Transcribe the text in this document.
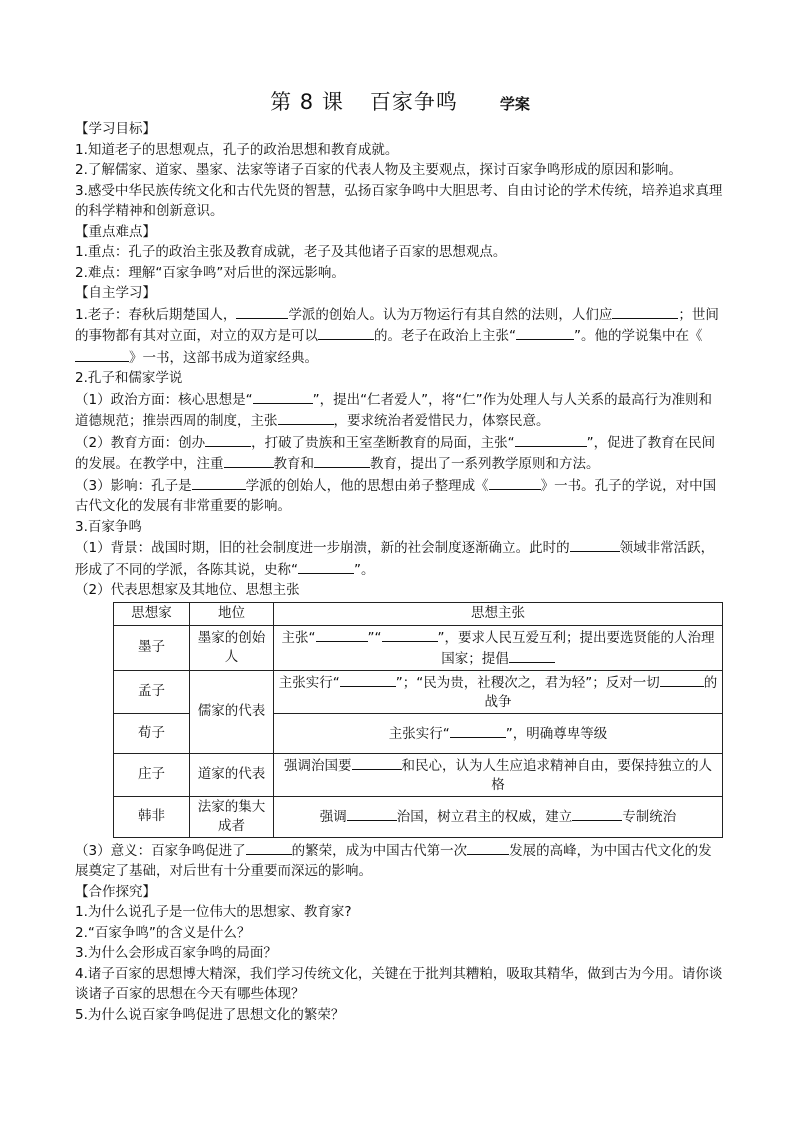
第 8 课 百家争鸣	学案

【学习目标】

1.知道老子的思想观点，孔子的政治思想和教育成就。

2.了解儒家、道家、墨家、法家等诸子百家的代表人物及主要观点，探讨百家争鸣形成的原因和影响。

3.感受中华民族传统文化和古代先贤的智慧，弘扬百家争鸣中大胆思考、自由讨论的学术传统，培养追求真理的科学精神和创新意识。

【重点难点】

1.重点：孔子的政治主张及教育成就，老子及其他诸子百家的思想观点。

2.难点：理解“百家争鸣”对后世的深远影响。

【自主学习】

1.老子：春秋后期楚国人，	学派的创始人。认为万物运行有其自然的法则，人们应	；世间的事物都有其对立面，对立的双方是可以	的。老子在政治上主张“	”。他的学说集中在《》一书，这部书成为道家经典。

2.孔子和儒家学说

（1）政治方面：核心思想是“	”，提出“仁者爱人”，将“仁”作为处理人与人关系的最高行为准则和道德规范；推崇西周的制度，主张	，要求统治者爱惜民力，体察民意。

（2）教育方面：创办	，打破了贵族和王室垄断教育的局面，主张“	”，促进了教育在民间的发展。在教学中，注重	教育和	教育，提出了一系列教学原则和方法。

（3）影响：孔子是	学派的创始人，他的思想由弟子整理成《	》一书。孔子的学说，对中国古代文化的发展有非常重要的影响。

3.百家争鸣

（1）背景：战国时期，旧的社会制度进一步崩溃，新的社会制度逐渐确立。此时的	领域非常活跃，形成了不同的学派，各陈其说，史称“	”。

（2）代表思想家及其地位、思想主张

思想家	地位	思想主张
墨子	墨家的创始人	主张“ ”“ ”，要求人民互爱互利；提出要选贤能的人治理国家；提倡
孟子	儒家的代表	主张实行“ ”；“民为贵，社稷次之，君为轻”；反对一切 的战争
荀子		主张实行“ ”，明确尊卑等级
庄子	道家的代表	强调治国要 和民心，认为人生应追求精神自由，要保持独立的人格
韩非	法家的集大成者	强调 治国，树立君主的权威，建立 专制统治

（3）意义：百家争鸣促进了	的繁荣，成为中国古代第一次	发展的高峰，为中国古代文化的发展奠定了基础，对后世有十分重要而深远的影响。

【合作探究】

1.为什么说孔子是一位伟大的思想家、教育家?

2.“百家争鸣”的含义是什么？

3.为什么会形成百家争鸣的局面？

4.诸子百家的思想博大精深，我们学习传统文化，关键在于批判其糟粕，吸取其精华，做到古为今用。请你谈谈诸子百家的思想在今天有哪些体现？

5.为什么说百家争鸣促进了思想文化的繁荣？
